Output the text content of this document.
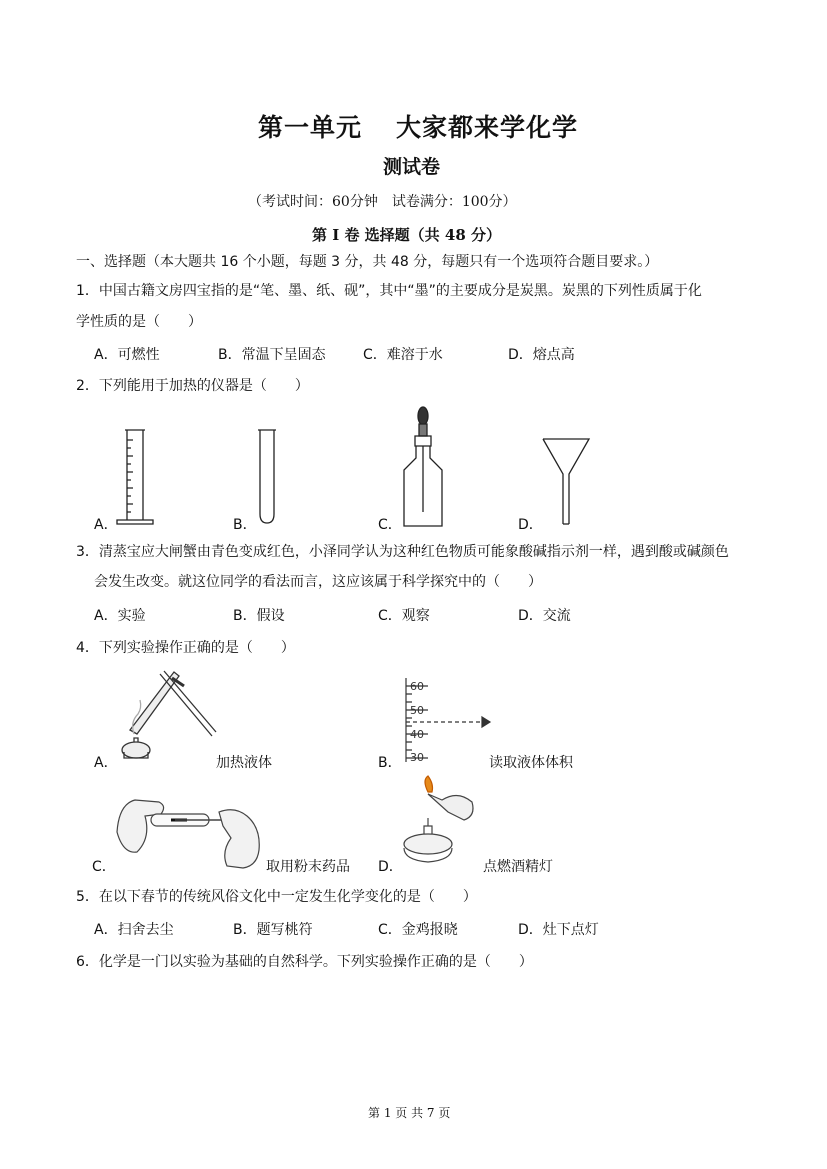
第一单元 大家都来学化学
测试卷
（考试时间：60分钟　试卷满分：100分）
第 I 卷 选择题（共 48 分）
一、选择题（本大题共 16 个小题，每题 3 分，共 48 分，每题只有一个选项符合题目要求。）
1．中国古籍文房四宝指的是“笔、墨、纸、砚”，其中“墨”的主要成分是炭黑。炭黑的下列性质属于化
学性质的是（　　）
A．可燃性	B．常温下呈固态	C．难溶于水	D．熔点高
2．下列能用于加热的仪器是（　　）
A．	B．	C．	D．
3．清蒸宝应大闸蟹由青色变成红色，小泽同学认为这种红色物质可能象酸碱指示剂一样，遇到酸或碱颜色
会发生改变。就这位同学的看法而言，这应该属于科学探究中的（　　）
A．实验	B．假设	C．观察	D．交流
4．下列实验操作正确的是（　　）
A．	加热液体
60
50
40
30
B．	读取液体体积
C．	取用粉末药品 D．	点燃酒精灯
5．在以下春节的传统风俗文化中一定发生化学变化的是（　　）
A．扫舍去尘	B．题写桃符	C．金鸡报晓	D．灶下点灯
6．化学是一门以实验为基础的自然科学。下列实验操作正确的是（　　）
第 1 页 共 7 页
